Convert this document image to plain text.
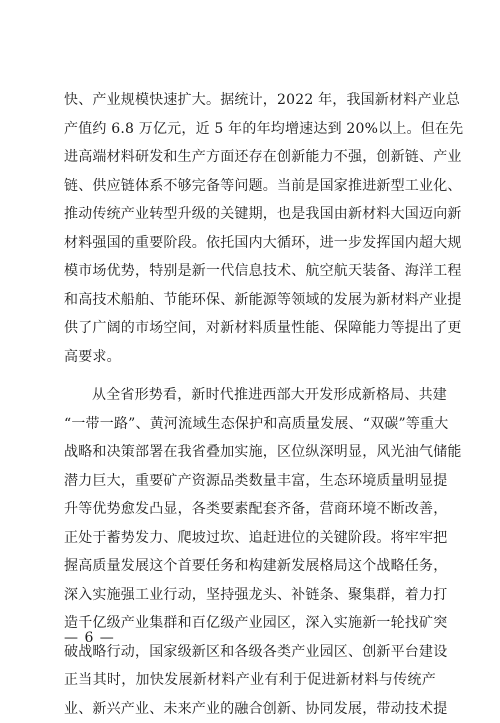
快、产业规模快速扩大。据统计，2022 年，我国新材料产业总
产值约 6.8 万亿元，近 5 年的年均增速达到 20%以上。但在先
进高端材料研发和生产方面还存在创新能力不强，创新链、产业
链、供应链体系不够完备等问题。当前是国家推进新型工业化、
推动传统产业转型升级的关键期，也是我国由新材料大国迈向新
材料强国的重要阶段。依托国内大循环，进一步发挥国内超大规
模市场优势，特别是新一代信息技术、航空航天装备、海洋工程
和高技术船舶、节能环保、新能源等领域的发展为新材料产业提
供了广阔的市场空间，对新材料质量性能、保障能力等提出了更
高要求。
从全省形势看，新时代推进西部大开发形成新格局、共建
“一带一路”、黄河流域生态保护和高质量发展、“双碳”等重大
战略和决策部署在我省叠加实施，区位纵深明显，风光油气储能
潜力巨大，重要矿产资源品类数量丰富，生态环境质量明显提
升等优势愈发凸显，各类要素配套齐备，营商环境不断改善，
正处于蓄势发力、爬坡过坎、追赶进位的关键阶段。将牢牢把
握高质量发展这个首要任务和构建新发展格局这个战略任务，
深入实施强工业行动，坚持强龙头、补链条、聚集群，着力打
造千亿级产业集群和百亿级产业园区，深入实施新一轮找矿突
破战略行动，国家级新区和各级各类产业园区、创新平台建设
正当其时，加快发展新材料产业有利于促进新材料与传统产
业、新兴产业、未来产业的融合创新、协同发展，带动技术提
— 6 —
